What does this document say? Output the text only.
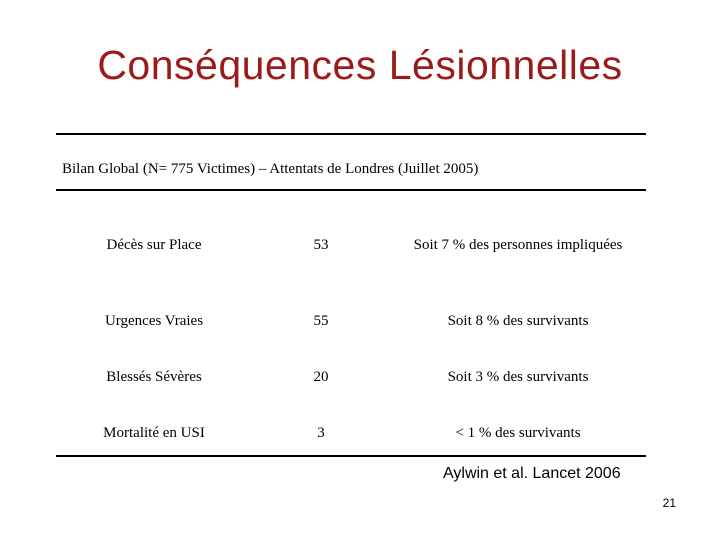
Conséquences Lésionnelles
Bilan Global (N= 775 Victimes) – Attentats de Londres (Juillet 2005)
Décès sur Place	53	Soit 7 % des personnes impliquées
Urgences Vraies	55	Soit 8 % des survivants
Blessés Sévères	20	Soit 3 % des survivants
Mortalité en USI	3	< 1 % des survivants
Aylwin et al. Lancet 2006
21
